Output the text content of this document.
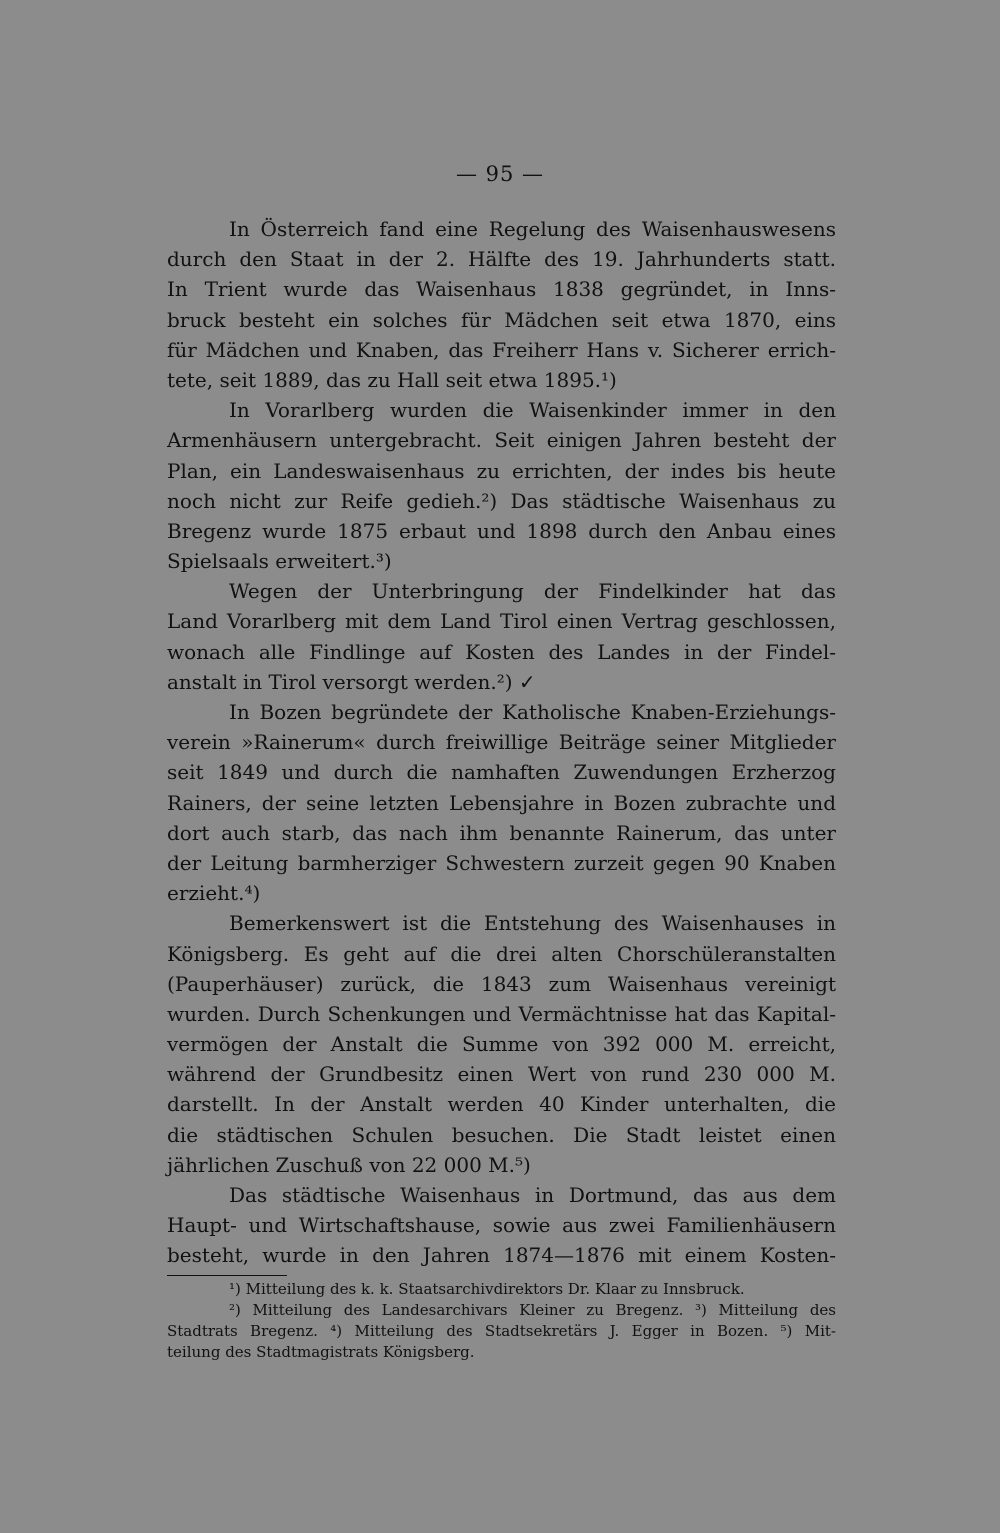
— 95 —
In Österreich fand eine Regelung des Waisenhauswesens
durch den Staat in der 2. Hälfte des 19. Jahrhunderts statt.
In Trient wurde das Waisenhaus 1838 gegründet, in Inns-
bruck besteht ein solches für Mädchen seit etwa 1870, eins
für Mädchen und Knaben, das Freiherr Hans v. Sicherer errich-
tete, seit 1889, das zu Hall seit etwa 1895.¹)
In Vorarlberg wurden die Waisenkinder immer in den
Armenhäusern untergebracht. Seit einigen Jahren besteht der
Plan, ein Landeswaisenhaus zu errichten, der indes bis heute
noch nicht zur Reife gedieh.²) Das städtische Waisenhaus zu
Bregenz wurde 1875 erbaut und 1898 durch den Anbau eines
Spielsaals erweitert.³)
Wegen der Unterbringung der Findelkinder hat das
Land Vorarlberg mit dem Land Tirol einen Vertrag geschlossen,
wonach alle Findlinge auf Kosten des Landes in der Findel-
anstalt in Tirol versorgt werden.²) ✓
In Bozen begründete der Katholische Knaben-Erziehungs-
verein »Rainerum« durch freiwillige Beiträge seiner Mitglieder
seit 1849 und durch die namhaften Zuwendungen Erzherzog
Rainers, der seine letzten Lebensjahre in Bozen zubrachte und
dort auch starb, das nach ihm benannte Rainerum, das unter
der Leitung barmherziger Schwestern zurzeit gegen 90 Knaben
erzieht.⁴)
Bemerkenswert ist die Entstehung des Waisenhauses in
Königsberg. Es geht auf die drei alten Chorschüleranstalten
(Pauperhäuser) zurück, die 1843 zum Waisenhaus vereinigt
wurden. Durch Schenkungen und Vermächtnisse hat das Kapital-
vermögen der Anstalt die Summe von 392 000 M. erreicht,
während der Grundbesitz einen Wert von rund 230 000 M.
darstellt. In der Anstalt werden 40 Kinder unterhalten, die
die städtischen Schulen besuchen. Die Stadt leistet einen
jährlichen Zuschuß von 22 000 M.⁵)
Das städtische Waisenhaus in Dortmund, das aus dem
Haupt- und Wirtschaftshause, sowie aus zwei Familienhäusern
besteht, wurde in den Jahren 1874—1876 mit einem Kosten-
¹) Mitteilung des k. k. Staatsarchivdirektors Dr. Klaar zu Innsbruck.
²) Mitteilung des Landesarchivars Kleiner zu Bregenz. ³) Mitteilung des
Stadtrats Bregenz. ⁴) Mitteilung des Stadtsekretärs J. Egger in Bozen. ⁵) Mit-
teilung des Stadtmagistrats Königsberg.
